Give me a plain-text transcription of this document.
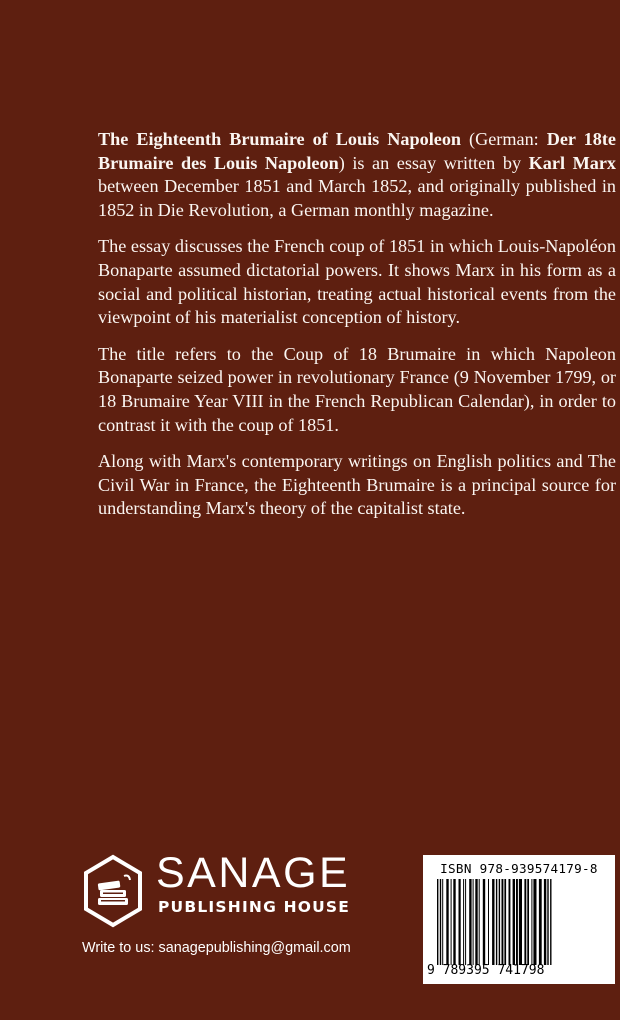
The Eighteenth Brumaire of Louis Napoleon (German: Der 18te Brumaire des Louis Napoleon) is an essay written by Karl Marx between December 1851 and March 1852, and originally published in 1852 in Die Revolution, a German monthly magazine.

The essay discusses the French coup of 1851 in which Louis-Napoléon Bonaparte assumed dictatorial powers. It shows Marx in his form as a social and political historian, treating actual historical events from the viewpoint of his materialist conception of history.

The title refers to the Coup of 18 Brumaire in which Napoleon Bonaparte seized power in revolutionary France (9 November 1799, or 18 Brumaire Year VIII in the French Republican Calendar), in order to contrast it with the coup of 1851.

Along with Marx's contemporary writings on English politics and The Civil War in France, the Eighteenth Brumaire is a principal source for understanding Marx's theory of the capitalist state.

SANAGE
PUBLISHING HOUSE
Write to us: sanagepublishing@gmail.com
ISBN 978-939574179-8
9 789395 741798
